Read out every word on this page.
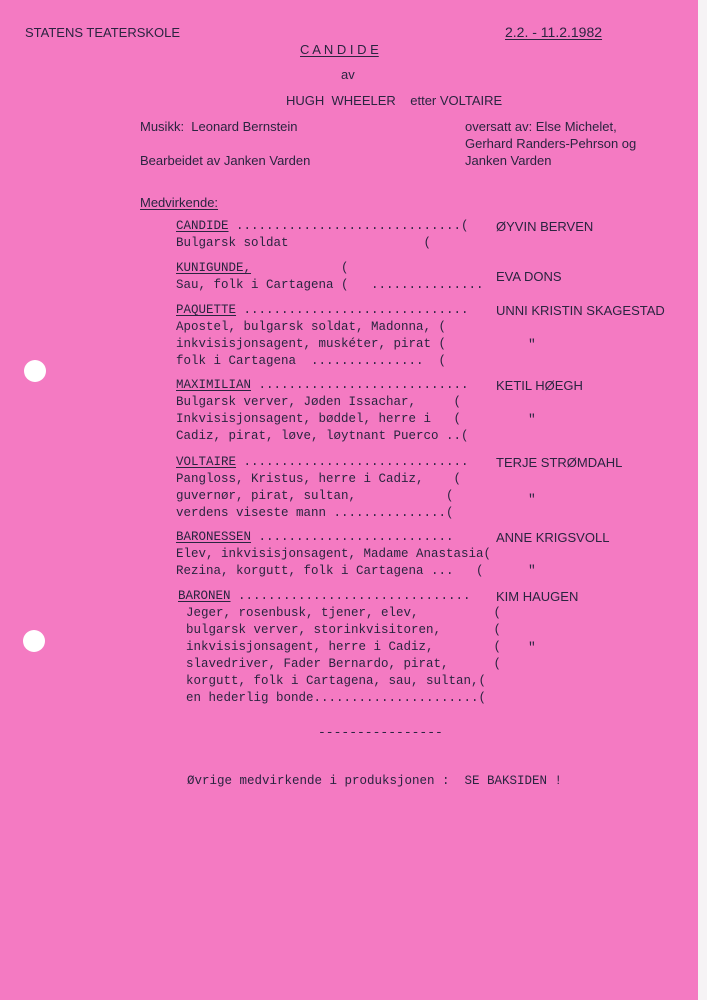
STATENS TEATERSKOLE	2.2. - 11.2.1982
C A N D I D E
av
HUGH  WHEELER    etter VOLTAIRE
Musikk:  Leonard Bernstein	oversatt av: Else Michelet,
Gerhard Randers-Pehrson og
Janken Varden
Bearbeidet av Janken Varden
Medvirkende:
CANDIDE ..............................(
Bulgarsk soldat                  (
ØYVIN BERVEN
KUNIGUNDE,            (
Sau, folk i Cartagena (   ...............
EVA DONS
PAQUETTE ..............................
Apostel, bulgarsk soldat, Madonna, (
inkvisisjonsagent, muskéter, pirat (
folk i Cartagena  ...............  (
UNNI KRISTIN SKAGESTAD
"
MAXIMILIAN ............................
Bulgarsk verver, Jøden Issachar,     (
Inkvisisjonsagent, bøddel, herre i   (
Cadiz, pirat, løve, løytnant Puerco ..(
KETIL HØEGH
"
VOLTAIRE ..............................
Pangloss, Kristus, herre i Cadiz,    (
guvernør, pirat, sultan,            (
verdens viseste mann ...............(
TERJE STRØMDAHL
"
BARONESSEN ..........................
Elev, inkvisisjonsagent, Madame Anastasia(
Rezina, korgutt, folk i Cartagena ...   (
ANNE KRIGSVOLL
"
BARONEN ...............................
Jeger, rosenbusk, tjener, elev,          (
bulgarsk verver, storinkvisitoren,       (
inkvisisjonsagent, herre i Cadiz,        (
slavedriver, Fader Bernardo, pirat,      (
korgutt, folk i Cartagena, sau, sultan,(
en hederlig bonde......................(
KIM HAUGEN
"
----------------
Øvrige medvirkende i produksjonen :  SE BAKSIDEN !
